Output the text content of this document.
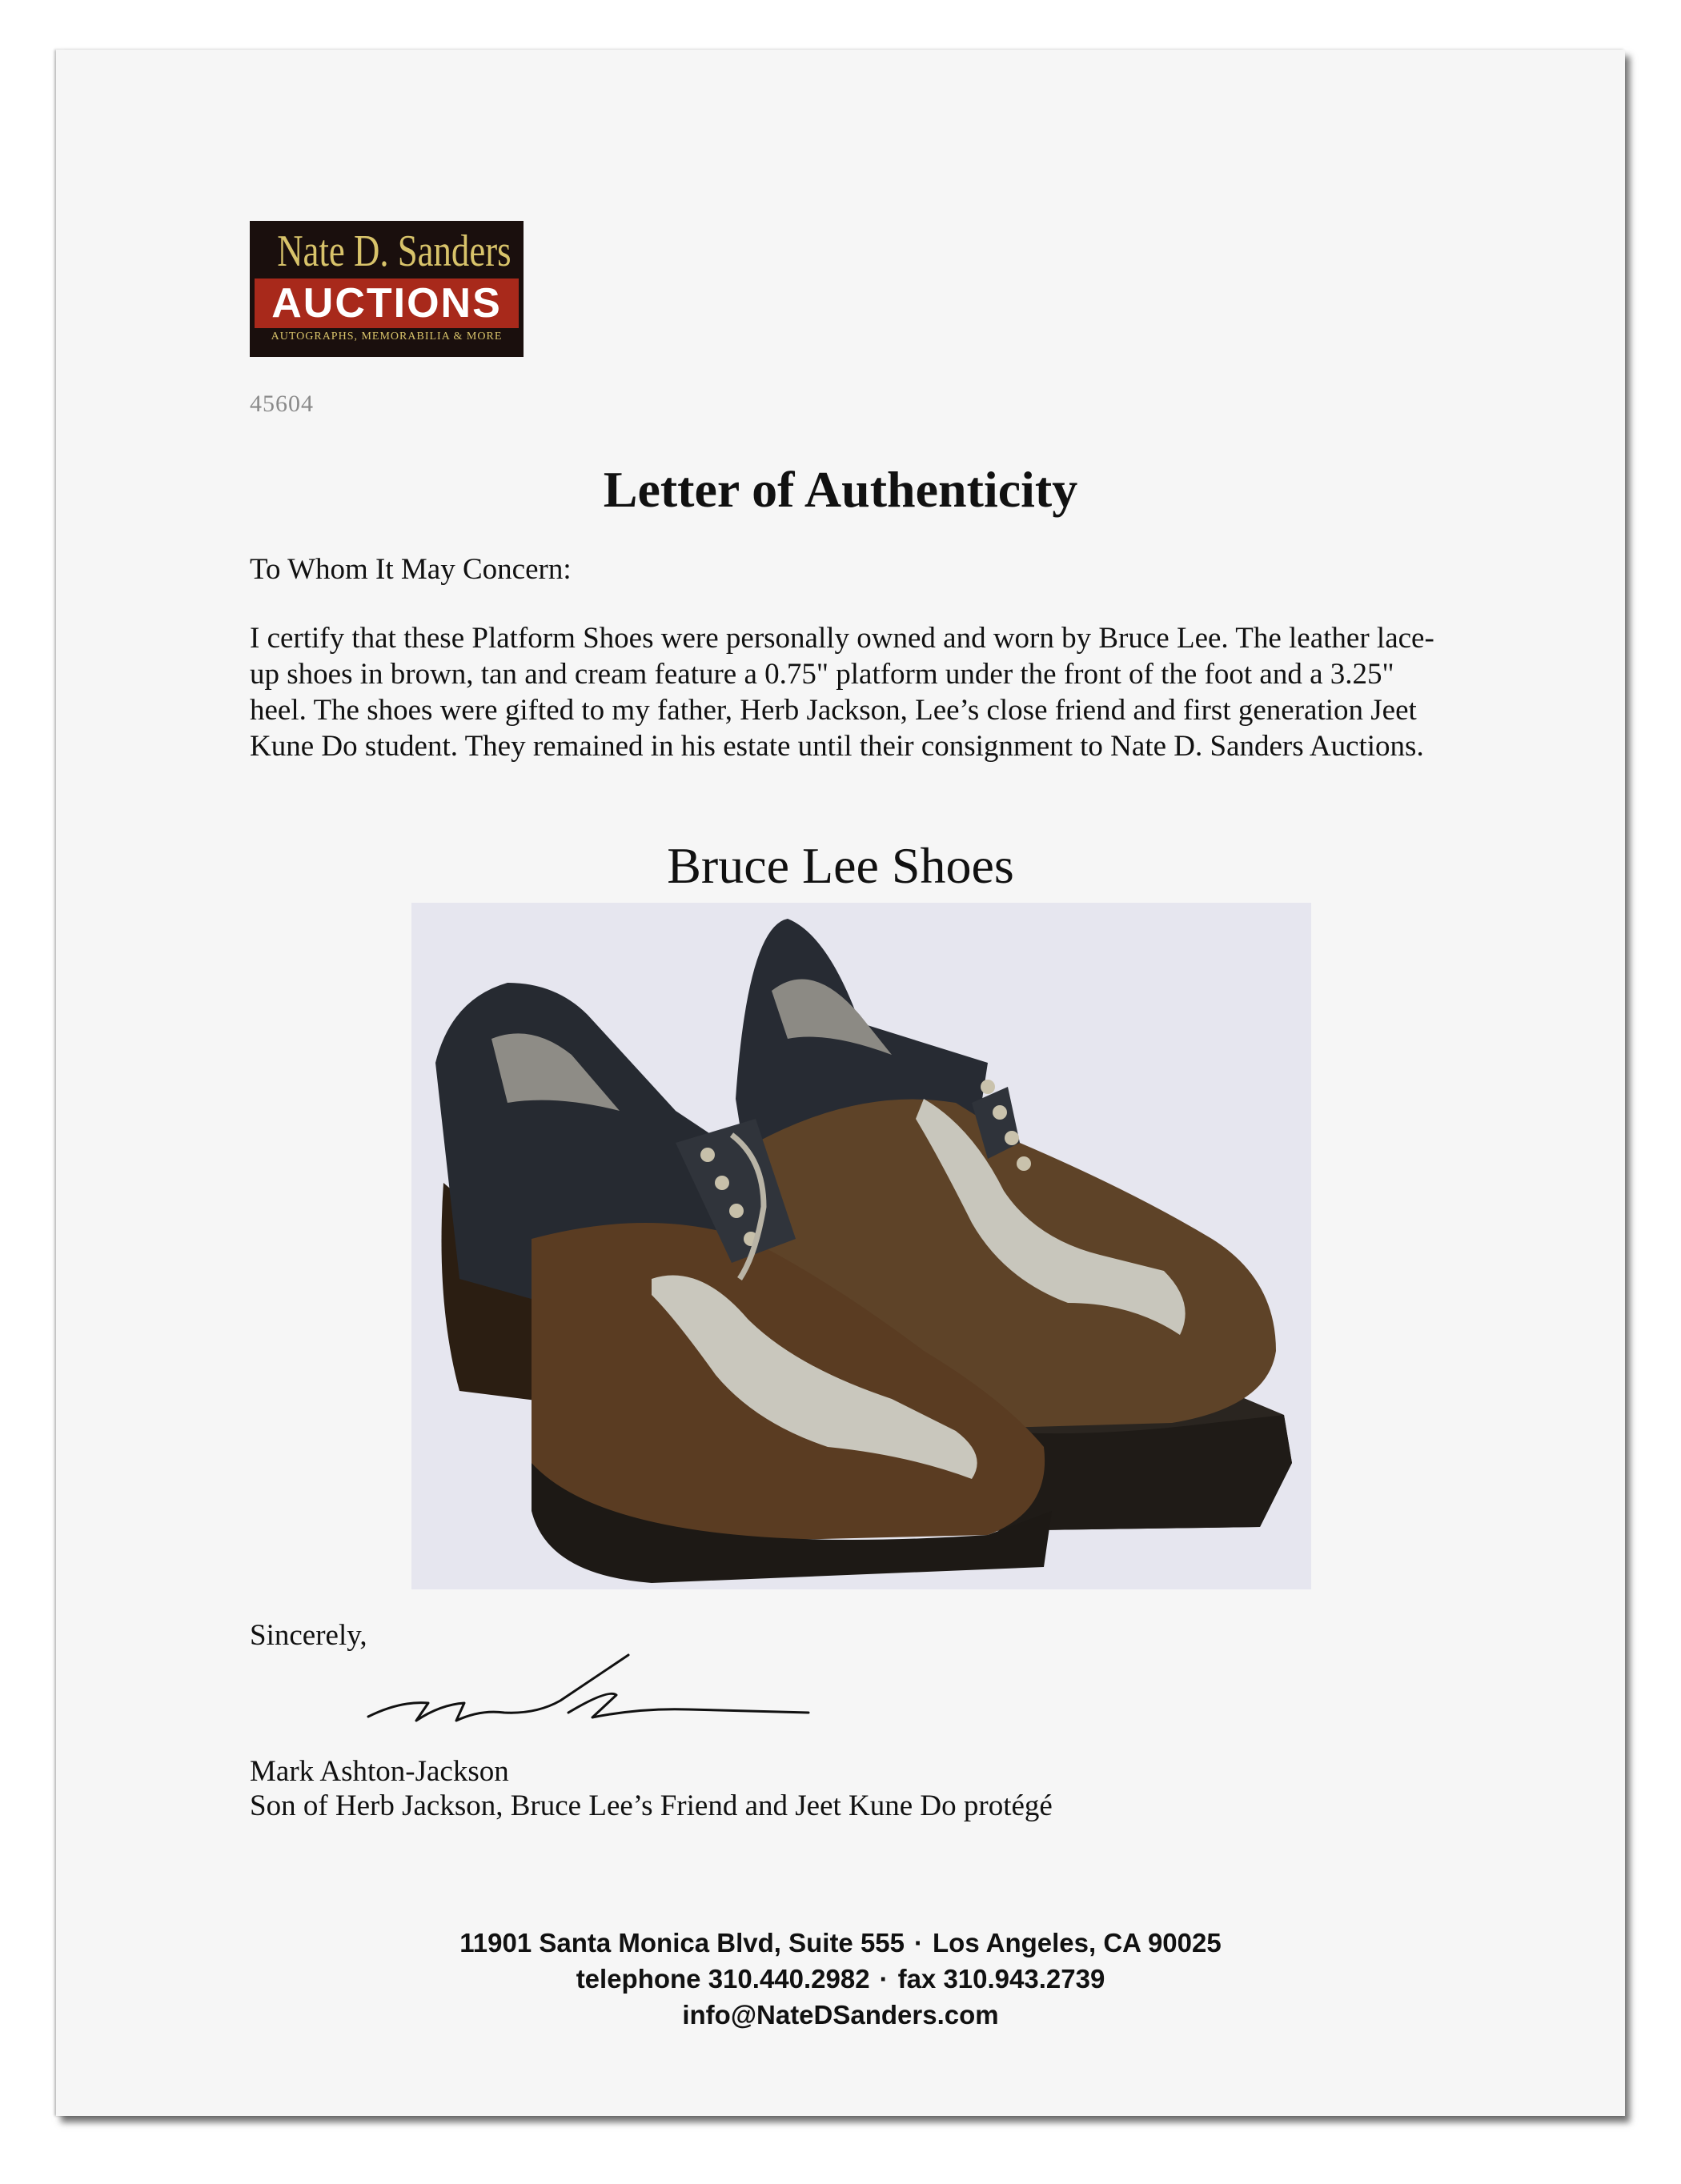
Nate D. Sanders
AUCTIONS
AUTOGRAPHS, MEMORABILIA & MORE
45604
Letter of Authenticity
To Whom It May Concern:
I certify that these Platform Shoes were personally owned and worn by Bruce Lee. The leather lace-up shoes in brown, tan and cream feature a 0.75" platform under the front of the foot and a 3.25" heel. The shoes were gifted to my father, Herb Jackson, Lee’s close friend and first generation Jeet Kune Do student. They remained in his estate until their consignment to Nate D. Sanders Auctions.
Bruce Lee Shoes
Sincerely,
Mark Ashton-Jackson
Son of Herb Jackson, Bruce Lee’s Friend and Jeet Kune Do protégé
11901 Santa Monica Blvd, Suite 555 · Los Angeles, CA 90025
telephone 310.440.2982 · fax 310.943.2739
info@NateDSanders.com
